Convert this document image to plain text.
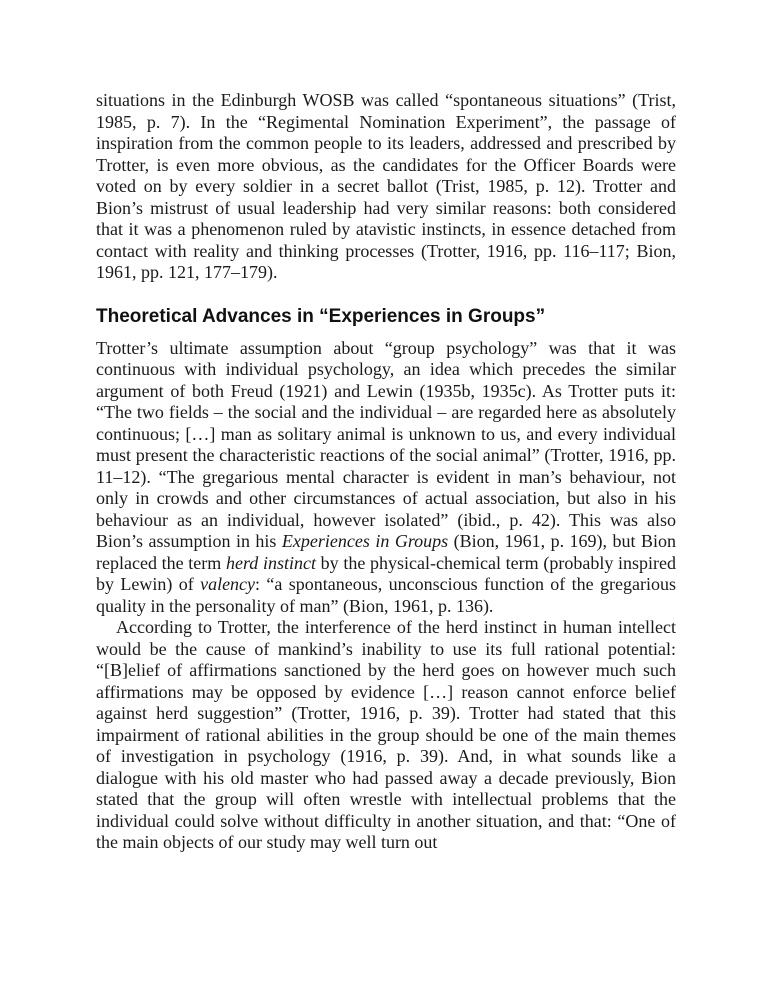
situations in the Edinburgh WOSB was called “spontaneous situations” (Trist, 1985, p. 7). In the “Regimental Nomination Experiment”, the passage of inspiration from the common people to its leaders, addressed and prescribed by Trotter, is even more obvious, as the candidates for the Officer Boards were voted on by every soldier in a secret ballot (Trist, 1985, p. 12). Trotter and Bion’s mistrust of usual leadership had very similar reasons: both considered that it was a phenomenon ruled by atavistic instincts, in essence detached from contact with reality and thinking processes (Trotter, 1916, pp. 116–117; Bion, 1961, pp. 121, 177–179).

Theoretical Advances in “Experiences in Groups”

Trotter’s ultimate assumption about “group psychology” was that it was continuous with individual psychology, an idea which precedes the similar argument of both Freud (1921) and Lewin (1935b, 1935c). As Trotter puts it: “The two fields – the social and the individual – are regarded here as absolutely continuous; […] man as solitary animal is unknown to us, and every individual must present the characteristic reactions of the social animal” (Trotter, 1916, pp. 11–12). “The gregarious mental character is evident in man’s behaviour, not only in crowds and other circumstances of actual association, but also in his behaviour as an individual, however isolated” (ibid., p. 42). This was also Bion’s assumption in his Experiences in Groups (Bion, 1961, p. 169), but Bion replaced the term herd instinct by the physical-chemical term (probably inspired by Lewin) of valency: “a spontaneous, unconscious function of the gregarious quality in the personality of man” (Bion, 1961, p. 136).

According to Trotter, the interference of the herd instinct in human intellect would be the cause of mankind’s inability to use its full rational potential: “[B]elief of affirmations sanctioned by the herd goes on however much such affirmations may be opposed by evidence […] reason cannot enforce belief against herd suggestion” (Trotter, 1916, p. 39). Trotter had stated that this impairment of rational abilities in the group should be one of the main themes of investigation in psychology (1916, p. 39). And, in what sounds like a dialogue with his old master who had passed away a decade previously, Bion stated that the group will often wrestle with intellectual problems that the individual could solve without difficulty in another situation, and that: “One of the main objects of our study may well turn out
